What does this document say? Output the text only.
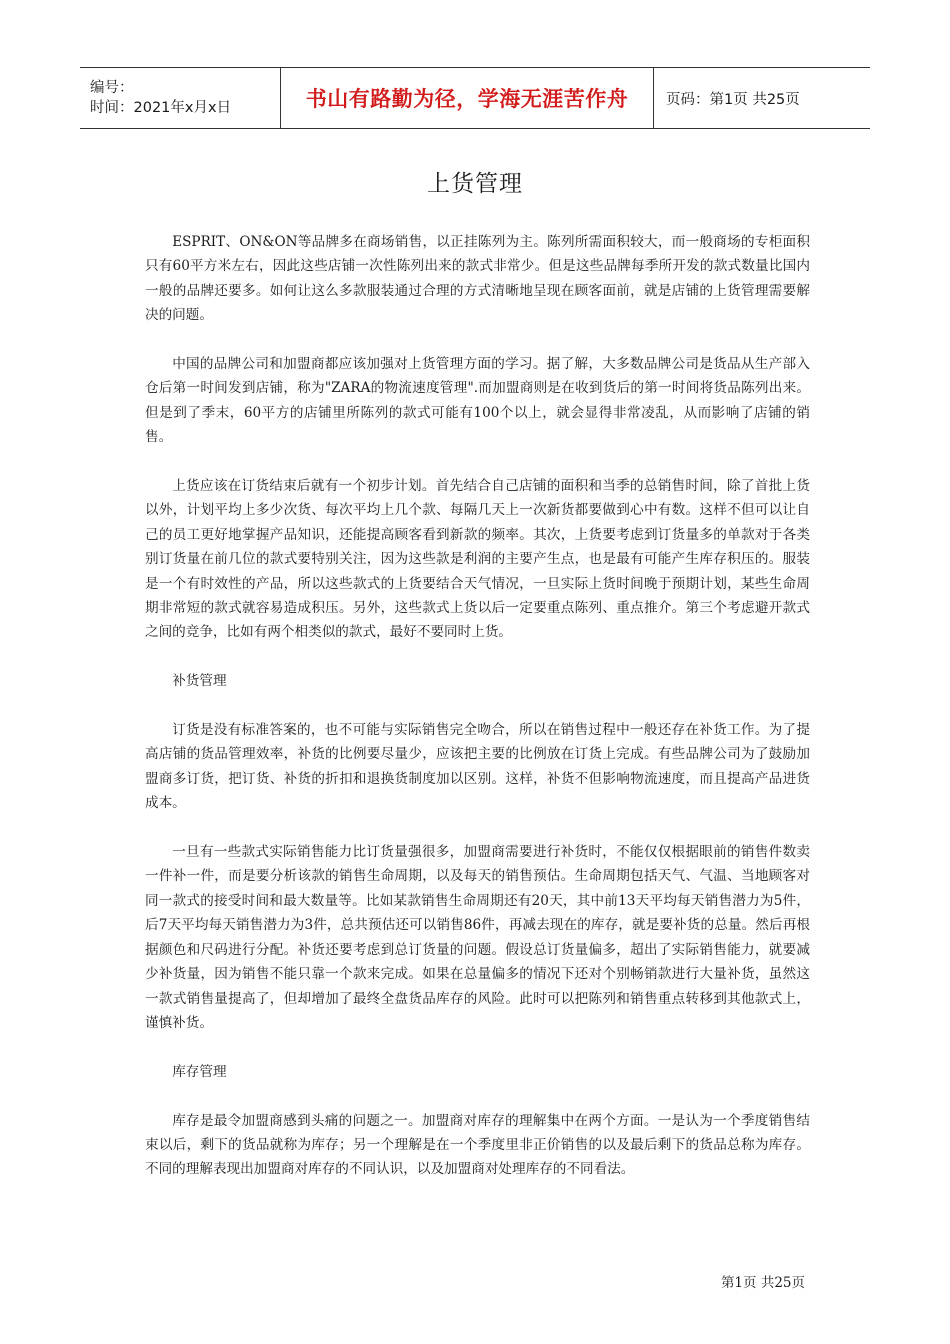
编号：
时间：2021年x月x日	书山有路勤为径，学海无涯苦作舟	页码：第1页 共25页
上货管理

ESPRIT、ON&ON等品牌多在商场销售，以正挂陈列为主。陈列所需面积较大，而一般商场的专柜面积只有60平方米左右，因此这些店铺一次性陈列出来的款式非常少。但是这些品牌每季所开发的款式数量比国内一般的品牌还要多。如何让这么多款服装通过合理的方式清晰地呈现在顾客面前，就是店铺的上货管理需要解决的问题。

中国的品牌公司和加盟商都应该加强对上货管理方面的学习。据了解，大多数品牌公司是货品从生产部入仓后第一时间发到店铺，称为"ZARA的物流速度管理".而加盟商则是在收到货后的第一时间将货品陈列出来。但是到了季末，60平方的店铺里所陈列的款式可能有100个以上，就会显得非常凌乱，从而影响了店铺的销售。

上货应该在订货结束后就有一个初步计划。首先结合自己店铺的面积和当季的总销售时间，除了首批上货以外，计划平均上多少次货、每次平均上几个款、每隔几天上一次新货都要做到心中有数。这样不但可以让自己的员工更好地掌握产品知识，还能提高顾客看到新款的频率。其次，上货要考虑到订货量多的单款对于各类别订货量在前几位的款式要特别关注，因为这些款是利润的主要产生点，也是最有可能产生库存积压的。服装是一个有时效性的产品，所以这些款式的上货要结合天气情况，一旦实际上货时间晚于预期计划，某些生命周期非常短的款式就容易造成积压。另外，这些款式上货以后一定要重点陈列、重点推介。第三个考虑避开款式之间的竞争，比如有两个相类似的款式，最好不要同时上货。

补货管理

订货是没有标准答案的，也不可能与实际销售完全吻合，所以在销售过程中一般还存在补货工作。为了提高店铺的货品管理效率，补货的比例要尽量少，应该把主要的比例放在订货上完成。有些品牌公司为了鼓励加盟商多订货，把订货、补货的折扣和退换货制度加以区别。这样，补货不但影响物流速度，而且提高产品进货成本。

一旦有一些款式实际销售能力比订货量强很多，加盟商需要进行补货时，不能仅仅根据眼前的销售件数卖一件补一件，而是要分析该款的销售生命周期，以及每天的销售预估。生命周期包括天气、气温、当地顾客对同一款式的接受时间和最大数量等。比如某款销售生命周期还有20天，其中前13天平均每天销售潜力为5件，后7天平均每天销售潜力为3件，总共预估还可以销售86件，再减去现在的库存，就是要补货的总量。然后再根据颜色和尺码进行分配。补货还要考虑到总订货量的问题。假设总订货量偏多，超出了实际销售能力，就要减少补货量，因为销售不能只靠一个款来完成。如果在总量偏多的情况下还对个别畅销款进行大量补货，虽然这一款式销售量提高了，但却增加了最终全盘货品库存的风险。此时可以把陈列和销售重点转移到其他款式上，谨慎补货。

库存管理

库存是最令加盟商感到头痛的问题之一。加盟商对库存的理解集中在两个方面。一是认为一个季度销售结束以后，剩下的货品就称为库存；另一个理解是在一个季度里非正价销售的以及最后剩下的货品总称为库存。不同的理解表现出加盟商对库存的不同认识，以及加盟商对处理库存的不同看法。

第1页 共25页
